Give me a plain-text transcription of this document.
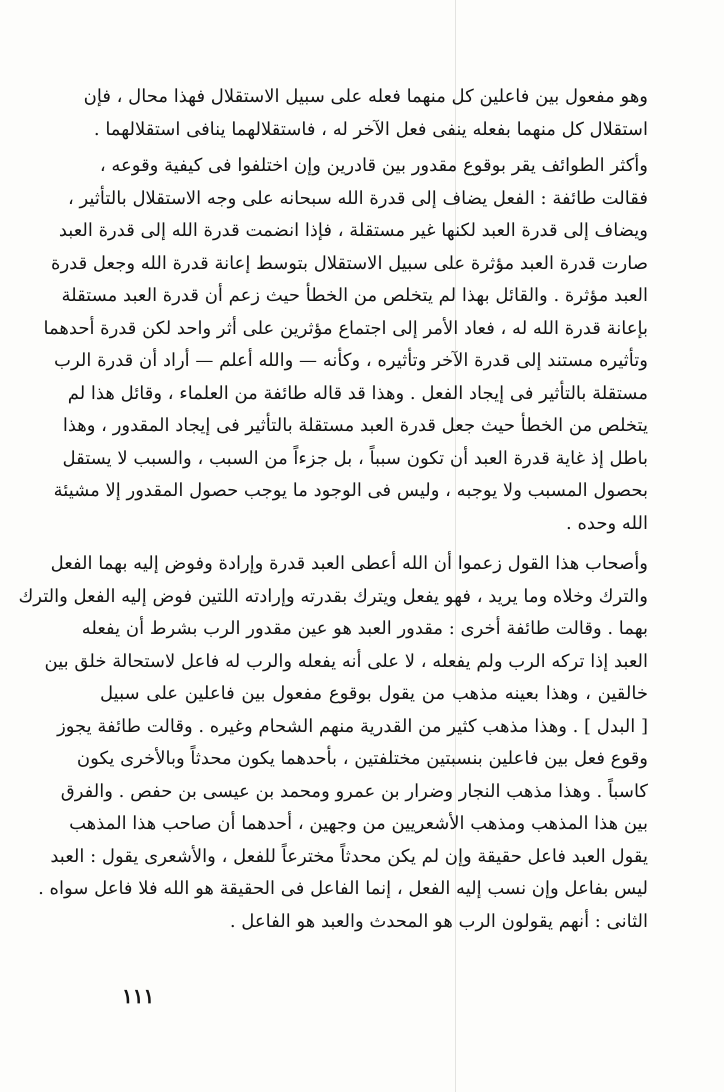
وهو مفعول بين فاعلين كل منهما فعله على سبيل الاستقلال فهذا محال ، فإن
استقلال كل منهما بفعله ينفى فعل الآخر له ، فاستقلالهما ينافى استقلالهما .
وأكثر الطوائف يقر بوقوع مقدور بين قادرين وإن اختلفوا فى كيفية وقوعه ،
فقالت طائفة : الفعل يضاف إلى قدرة الله سبحانه على وجه الاستقلال بالتأثير ،
ويضاف إلى قدرة العبد لكنها غير مستقلة ، فإذا انضمت قدرة الله إلى قدرة العبد
صارت قدرة العبد مؤثرة على سبيل الاستقلال بتوسط إعانة قدرة الله وجعل قدرة
العبد مؤثرة . والقائل بهذا لم يتخلص من الخطأ حيث زعم أن قدرة العبد مستقلة
بإعانة قدرة الله له ، فعاد الأمر إلى اجتماع مؤثرين على أثر واحد لكن قدرة أحدهما
وتأثيره مستند إلى قدرة الآخر وتأثيره ، وكأنه — والله أعلم — أراد أن قدرة الرب
مستقلة بالتأثير فى إيجاد الفعل . وهذا قد قاله طائفة من العلماء ، وقائل هذا لم
يتخلص من الخطأ حيث جعل قدرة العبد مستقلة بالتأثير فى إيجاد المقدور ، وهذا
باطل إذ غاية قدرة العبد أن تكون سبباً ، بل جزءاً من السبب ، والسبب لا يستقل
بحصول المسبب ولا يوجبه ، وليس فى الوجود ما يوجب حصول المقدور إلا مشيئة
الله وحده .
وأصحاب هذا القول زعموا أن الله أعطى العبد قدرة وإرادة وفوض إليه بهما الفعل
والترك وخلاه وما يريد ، فهو يفعل ويترك بقدرته وإرادته اللتين فوض إليه الفعل والترك
بهما . وقالت طائفة أخرى : مقدور العبد هو عين مقدور الرب بشرط أن يفعله
العبد إذا تركه الرب ولم يفعله ، لا على أنه يفعله والرب له فاعل لاستحالة خلق بين
خالقين ، وهذا بعينه مذهب من يقول بوقوع مفعول بين فاعلين على سبيل
[ البدل ] . وهذا مذهب كثير من القدرية منهم الشحام وغيره . وقالت طائفة يجوز
وقوع فعل بين فاعلين بنسبتين مختلفتين ، بأحدهما يكون محدثاً وبالأخرى يكون
كاسباً . وهذا مذهب النجار وضرار بن عمرو ومحمد بن عيسى بن حفص . والفرق
بين هذا المذهب ومذهب الأشعريين من وجهين ، أحدهما أن صاحب هذا المذهب
يقول العبد فاعل حقيقة وإن لم يكن محدثاً مخترعاً للفعل ، والأشعرى يقول : العبد
ليس بفاعل وإن نسب إليه الفعل ، إنما الفاعل فى الحقيقة هو الله فلا فاعل سواه .
الثانى : أنهم يقولون الرب هو المحدث والعبد هو الفاعل .
١١١
